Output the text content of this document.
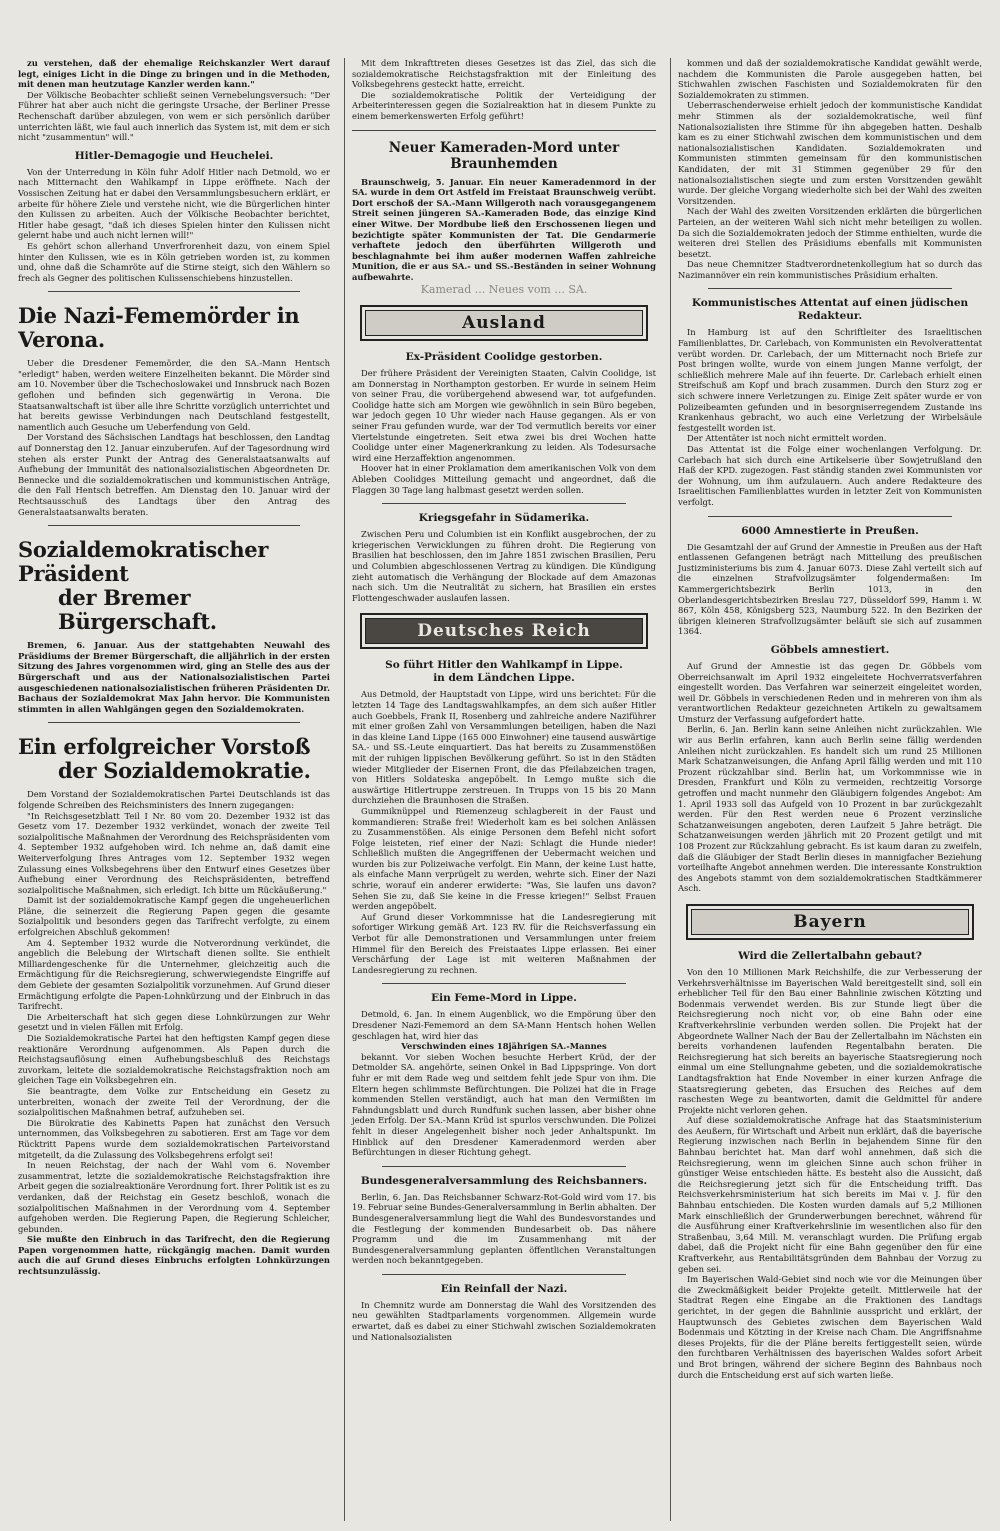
zu verstehen, daß der ehemalige Reichskanzler Wert darauf legt, einiges Licht in die Dinge zu bringen und in die Methoden, mit denen man heutzutage Kanzler werden kann."

Der Völkische Beobachter schließt seinen Vernebelungsversuch: "Der Führer hat aber auch nicht die geringste Ursache, der Berliner Presse Rechenschaft darüber abzulegen, von wem er sich persönlich darüber unterrichten läßt, wie faul auch innerlich das System ist, mit dem er sich nicht "zusammentun" will."

Hitler-Demagogie und Heuchelei.

Von der Unterredung in Köln fuhr Adolf Hitler nach Detmold, wo er nach Mitternacht den Wahlkampf in Lippe eröffnete. Nach der Vossischen Zeitung hat er dabei den Versammlungsbesuchern erklärt, er arbeite für höhere Ziele und verstehe nicht, wie die Bürgerlichen hinter den Kulissen zu arbeiten. Auch der Völkische Beobachter berichtet, Hitler habe gesagt, "daß ich dieses Spielen hinter den Kulissen nicht gelernt habe und auch nicht lernen will!"

Es gehört schon allerhand Unverfrorenheit dazu, von einem Spiel hinter den Kulissen, wie es in Köln getrieben worden ist, zu kommen und, ohne daß die Schamröte auf die Stirne steigt, sich den Wählern so frech als Gegner des politischen Kulissenschiebens hinzustellen.

Die Nazi-Fememörder in Verona.

Ueber die Dresdener Fememörder, die den SA.-Mann Hentsch "erledigt" haben, werden weitere Einzelheiten bekannt. Die Mörder sind am 10. November über die Tschechoslowakei und Innsbruck nach Bozen geflohen und befinden sich gegenwärtig in Verona. Die Staatsanwaltschaft ist über alle ihre Schritte vorzüglich unterrichtet und hat bereits gewisse Verbindungen nach Deutschland festgestellt, namentlich auch Gesuche um Ueberfendung von Geld.

Der Vorstand des Sächsischen Landtags hat beschlossen, den Landtag auf Donnerstag den 12. Januar einzuberufen. Auf der Tagesordnung wird stehen als erster Punkt der Antrag des Generalstaatsanwalts auf Aufhebung der Immunität des nationalsozialistischen Abgeordneten Dr. Bennecke und die sozialdemokratischen und kommunistischen Anträge, die den Fall Hentsch betreffen. Am Dienstag den 10. Januar wird der Rechtsausschuß des Landtags über den Antrag des Generalstaatsanwalts beraten.

Sozialdemokratischer Präsident
der Bremer Bürgerschaft.

Bremen, 6. Januar. Aus der stattgehabten Neuwahl des Präsidiums der Bremer Bürgerschaft, die alljährlich in der ersten Sitzung des Jahres vorgenommen wird, ging an Stelle des aus der Bürgerschaft und aus der Nationalsozialistischen Partei ausgeschiedenen nationalsozialistischen früheren Präsidenten Dr. Bachaus der Sozialdemokrat Max Jahn hervor. Die Kommunisten stimmten in allen Wahlgängen gegen den Sozialdemokraten.

Ein erfolgreicher Vorstoß
der Sozialdemokratie.

Dem Vorstand der Sozialdemokratischen Partei Deutschlands ist das folgende Schreiben des Reichsministers des Innern zugegangen:

"In Reichsgesetzblatt Teil I Nr. 80 vom 20. Dezember 1932 ist das Gesetz vom 17. Dezember 1932 verkündet, wonach der zweite Teil sozialpolitische Maßnahmen der Verordnung des Reichspräsidenten vom 4. September 1932 aufgehoben wird. Ich nehme an, daß damit eine Weiterverfolgung Ihres Antrages vom 12. September 1932 wegen Zulassung eines Volksbegehrens über den Entwurf eines Gesetzes über Aufhebung einer Verordnung des Reichspräsidenten, betreffend sozialpolitische Maßnahmen, sich erledigt. Ich bitte um Rückäußerung."

Damit ist der sozialdemokratische Kampf gegen die ungeheuerlichen Pläne, die seinerzeit die Regierung Papen gegen die gesamte Sozialpolitik und besonders gegen das Tarifrecht verfolgte, zu einem erfolgreichen Abschluß gekommen!

Am 4. September 1932 wurde die Notverordnung verkündet, die angeblich die Belebung der Wirtschaft dienen sollte. Sie enthielt Milliardengeschenke für die Unternehmer, gleichzeitig auch die Ermächtigung für die Reichsregierung, schwerwiegendste Eingriffe auf dem Gebiete der gesamten Sozialpolitik vorzunehmen. Auf Grund dieser Ermächtigung erfolgte die Papen-Lohnkürzung und der Einbruch in das Tarifrecht.

Die Arbeiterschaft hat sich gegen diese Lohnkürzungen zur Wehr gesetzt und in vielen Fällen mit Erfolg.

Die Sozialdemokratische Partei hat den heftigsten Kampf gegen diese reaktionäre Verordnung aufgenommen. Als Papen durch die Reichstagsauflösung einen Aufhebungsbeschluß des Reichstags zuvorkam, leitete die sozialdemokratische Reichstagsfraktion noch am gleichen Tage ein Volksbegehren ein.

Sie beantragte, dem Volke zur Entscheidung ein Gesetz zu unterbreiten, wonach der zweite Teil der Verordnung, der die sozialpolitischen Maßnahmen betraf, aufzuheben sei.

Die Bürokratie des Kabinetts Papen hat zunächst den Versuch unternommen, das Volksbegehren zu sabotieren. Erst am Tage vor dem Rücktritt Papens wurde dem sozialdemokratischen Parteivorstand mitgeteilt, da die Zulassung des Volksbegehrens erfolgt sei!

In neuen Reichstag, der nach der Wahl vom 6. November zusammentrat, letzte die sozialdemokratische Reichstagsfraktion ihre Arbeit gegen die sozialreaktionäre Verordnung fort. Ihrer Politik ist es zu verdanken, daß der Reichstag ein Gesetz beschloß, wonach die sozialpolitischen Maßnahmen in der Verordnung vom 4. September aufgehoben werden. Die Regierung Papen, die Regierung Schleicher, gebunden.

Sie mußte den Einbruch in das Tarifrecht, den die Regierung Papen vorgenommen hatte, rückgängig machen. Damit wurden auch die auf Grund dieses Einbruchs erfolgten Lohnkürzungen rechtsunzulässig.

Mit dem Inkrafttreten dieses Gesetzes ist das Ziel, das sich die sozialdemokratische Reichstagsfraktion mit der Einleitung des Volksbegehrens gesteckt hatte, erreicht.

Die sozialdemokratische Politik der Verteidigung der Arbeiterinteressen gegen die Sozialreaktion hat in diesem Punkte zu einem bemerkenswerten Erfolg geführt!

Neuer Kameraden-Mord unter Braunhemden

Braunschweig, 5. Januar. Ein neuer Kameradenmord in der SA. wurde in dem Ort Astfeld im Freistaat Braunschweig verübt. Dort erschoß der SA.-Mann Willgeroth nach vorausgegangenem Streit seinen jüngeren SA.-Kameraden Bode, das einzige Kind einer Witwe. Der Mordbube ließ den Erschossenen liegen und bezichtigte später Kommunisten der Tat. Die Gendarmerie verhaftete jedoch den überführten Willgeroth und beschlagnahmte bei ihm außer modernen Waffen zahlreiche Munition, die er aus SA.- und SS.-Beständen in seiner Wohnung aufbewahrte.

Kamerad ... Neues vom ... SA.
Ausland
Ex-Präsident Coolidge gestorben.

Der frühere Präsident der Vereinigten Staaten, Calvin Coolidge, ist am Donnerstag in Northampton gestorben. Er wurde in seinem Heim von seiner Frau, die vorübergehend abwesend war, tot aufgefunden. Coolidge hatte sich am Morgen wie gewöhnlich in sein Büro begeben, war jedoch gegen 10 Uhr wieder nach Hause gegangen. Als er von seiner Frau gefunden wurde, war der Tod vermutlich bereits vor einer Viertelstunde eingetreten. Seit etwa zwei bis drei Wochen hatte Coolidge unter einer Magenerkrankung zu leiden. Als Todesursache wird eine Herzaffektion angenommen.

Hoover hat in einer Proklamation dem amerikanischen Volk von dem Ableben Coolidges Mitteilung gemacht und angeordnet, daß die Flaggen 30 Tage lang halbmast gesetzt werden sollen.

Kriegsgefahr in Südamerika.

Zwischen Peru und Columbien ist ein Konflikt ausgebrochen, der zu kriegerischen Verwicklungen zu führen droht. Die Regierung von Brasilien hat beschlossen, den im Jahre 1851 zwischen Brasilien, Peru und Columbien abgeschlossenen Vertrag zu kündigen. Die Kündigung zieht automatisch die Verhängung der Blockade auf dem Amazonas nach sich. Um die Neutralität zu sichern, hat Brasilien ein erstes Flottengeschwader auslaufen lassen.

Deutsches Reich
So führt Hitler den Wahlkampf in Lippe.
in dem Ländchen Lippe.

Aus Detmold, der Hauptstadt von Lippe, wird uns berichtet: Für die letzten 14 Tage des Landtagswahlkampfes, an dem sich außer Hitler auch Goebbels, Frank II, Rosenberg und zahlreiche andere Naziführer mit einer großen Zahl von Versammlungen beteiligen, haben die Nazi in das kleine Land Lippe (165 000 Einwohner) eine tausend auswärtige SA.- und SS.-Leute einquartiert. Das hat bereits zu Zusammenstößen mit der ruhigen lippischen Bevölkerung geführt. So ist in den Städten wieder Mitglieder der Eisernen Front, die das Pfeilabzeichen tragen, von Hitlers Soldateska angepöbelt. In Lemgo mußte sich die auswärtige Hitlertruppe zerstreuen. In Trupps von 15 bis 20 Mann durchziehen die Braunhosen die Straßen.

Gummiknüppel und Riemenzeug schlagbereit in der Faust und kommandieren: Straße frei! Wiederholt kam es bei solchen Anlässen zu Zusammenstößen. Als einige Personen dem Befehl nicht sofort Folge leisteten, rief einer der Nazi: Schlagt die Hunde nieder! Schließlich mußten die Angegriffenen der Uebermacht weichen und wurden bis zur Polizeiwache verfolgt. Ein Mann, der keine Lust hatte, als einfache Mann verprügelt zu werden, wehrte sich. Einer der Nazi schrie, worauf ein anderer erwiderte: "Was, Sie laufen uns davon? Sehen Sie zu, daß Sie keine in die Fresse kriegen!" Selbst Frauen werden angepöbelt.

Auf Grund dieser Vorkommnisse hat die Landesregierung mit sofortiger Wirkung gemäß Art. 123 RV. für die Reichsverfassung ein Verbot für alle Demonstrationen und Versammlungen unter freiem Himmel für den Bereich des Freistaates Lippe erlassen. Bei einer Verschärfung der Lage ist mit weiteren Maßnahmen der Landesregierung zu rechnen.

Ein Feme-Mord in Lippe.

Detmold, 6. Jan. In einem Augenblick, wo die Empörung über den Dresdener Nazi-Fememord an dem SA-Mann Hentsch hohen Wellen geschlagen hat, wird hier das

Verschwinden eines 18jährigen SA.-Mannes

bekannt. Vor sieben Wochen besuchte Herbert Krüd, der der Detmolder SA. angehörte, seinen Onkel in Bad Lippspringe. Von dort fuhr er mit dem Rade weg und seitdem fehlt jede Spur von ihm. Die Eltern hegen schlimmste Befürchtungen. Die Polizei hat die in Frage kommenden Stellen verständigt, auch hat man den Vermißten im Fahndungsblatt und durch Rundfunk suchen lassen, aber bisher ohne jeden Erfolg. Der SA.-Mann Krüd ist spurlos verschwunden. Die Polizei fehlt in dieser Angelegenheit bisher noch jeder Anhaltspunkt. Im Hinblick auf den Dresdener Kameradenmord werden aber Befürchtungen in dieser Richtung gehegt.

Bundesgeneralversammlung des Reichsbanners.

Berlin, 6. Jan. Das Reichsbanner Schwarz-Rot-Gold wird vom 17. bis 19. Februar seine Bundes-Generalversammlung in Berlin abhalten. Der Bundesgeneralversammlung liegt die Wahl des Bundesvorstandes und die Festlegung der kommenden Bundesarbeit ob. Das nähere Programm und die im Zusammenhang mit der Bundesgeneralversammlung geplanten öffentlichen Veranstaltungen werden noch bekanntgegeben.

Ein Reinfall der Nazi.

In Chemnitz wurde am Donnerstag die Wahl des Vorsitzenden des neu gewählten Stadtparlaments vorgenommen. Allgemein wurde erwartet, daß es dabei zu einer Stichwahl zwischen Sozialdemokraten und Nationalsozialisten

kommen und daß der sozialdemokratische Kandidat gewählt werde, nachdem die Kommunisten die Parole ausgegeben hatten, bei Stichwahlen zwischen Faschisten und Sozialdemokraten für den Sozialdemokraten zu stimmen.

Ueberraschenderweise erhielt jedoch der kommunistische Kandidat mehr Stimmen als der sozialdemokratische, weil fünf Nationalsozialisten ihre Stimme für ihn abgegeben hatten. Deshalb kam es zu einer Stichwahl zwischen dem kommunistischen und dem nationalsozialistischen Kandidaten. Sozialdemokraten und Kommunisten stimmten gemeinsam für den kommunistischen Kandidaten, der mit 31 Stimmen gegenüber 29 für den nationalsozialistischen siegte und zum ersten Vorsitzenden gewählt wurde. Der gleiche Vorgang wiederholte sich bei der Wahl des zweiten Vorsitzenden.

Nach der Wahl des zweiten Vorsitzenden erklärten die bürgerlichen Parteien, an der weiteren Wahl sich nicht mehr beteiligen zu wollen. Da sich die Sozialdemokraten jedoch der Stimme enthielten, wurde die weiteren drei Stellen des Präsidiums ebenfalls mit Kommunisten besetzt.

Das neue Chemnitzer Stadtverordnetenkollegium hat so durch das Nazimannöver ein rein kommunistisches Präsidium erhalten.

Kommunistisches Attentat auf einen jüdischen Redakteur.

In Hamburg ist auf den Schriftleiter des Israelitischen Familienblattes, Dr. Carlebach, von Kommunisten ein Revolverattentat verübt worden. Dr. Carlebach, der um Mitternacht noch Briefe zur Post bringen wollte, wurde von einem jungen Manne verfolgt, der schließlich mehrere Male auf ihn feuerte. Dr. Carlebach erhielt einen Streifschuß am Kopf und brach zusammen. Durch den Sturz zog er sich schwere innere Verletzungen zu. Einige Zeit später wurde er von Polizeibeamten gefunden und in besorgniserregendem Zustande ins Krankenhaus gebracht, wo auch eine Verletzung der Wirbelsäule festgestellt worden ist.

Der Attentäter ist noch nicht ermittelt worden.

Das Attentat ist die Folge einer wochenlangen Verfolgung. Dr. Carlebach hat sich durch eine Artikelserie über Sowjetrußland den Haß der KPD. zugezogen. Fast ständig standen zwei Kommunisten vor der Wohnung, um ihm aufzulauern. Auch andere Redakteure des Israelitischen Familienblattes wurden in letzter Zeit von Kommunisten verfolgt.

6000 Amnestierte in Preußen.

Die Gesamtzahl der auf Grund der Amnestie in Preußen aus der Haft entlassenen Gefangenen beträgt nach Mitteilung des preußischen Justizministeriums bis zum 4. Januar 6073. Diese Zahl verteilt sich auf die einzelnen Strafvollzugsämter folgendermaßen: Im Kammergerichtsbezirk Berlin 1013, in den Oberlandesgerichtsbezirken Breslau 727, Düsseldorf 599, Hamm i. W. 867, Köln 458, Königsberg 523, Naumburg 522. In den Bezirken der übrigen kleineren Strafvollzugsämter beläuft sie sich auf zusammen 1364.

Göbbels amnestiert.

Auf Grund der Amnestie ist das gegen Dr. Göbbels vom Oberreichsanwalt im April 1932 eingeleitete Hochverratsverfahren eingestellt worden. Das Verfahren war seinerzeit eingeleitet worden, weil Dr. Göbbels in verschiedenen Reden und in mehreren von ihm als verantwortlichen Redakteur gezeichneten Artikeln zu gewaltsamem Umsturz der Verfassung aufgefordert hatte.

Berlin, 6. Jan. Berlin kann seine Anleihen nicht zurückzahlen. Wie wir aus Berlin erfahren, kann auch Berlin seine fällig werdenden Anleihen nicht zurückzahlen. Es handelt sich um rund 25 Millionen Mark Schatzanweisungen, die Anfang April fällig werden und mit 110 Prozent rückzahlbar sind. Berlin hat, um Vorkommnisse wie in Dresden, Frankfurt und Köln zu vermeiden, rechtzeitig Vorsorge getroffen und macht nunmehr den Gläubigern folgendes Angebot: Am 1. April 1933 soll das Aufgeld von 10 Prozent in bar zurückgezahlt werden. Für den Rest werden neue 6 Prozent verzinsliche Schatzanweisungen angeboten, deren Laufzeit 5 Jahre beträgt. Die Schatzanweisungen werden jährlich mit 20 Prozent getilgt und mit 108 Prozent zur Rückzahlung gebracht. Es ist kaum daran zu zweifeln, daß die Gläubiger der Stadt Berlin dieses in mannigfacher Beziehung vorteilhafte Angebot annehmen werden. Die interessante Konstruktion des Angebots stammt von dem sozialdemokratischen Stadtkämmerer Asch.

Bayern
Wird die Zellertalbahn gebaut?

Von den 10 Millionen Mark Reichshilfe, die zur Verbesserung der Verkehrsverhältnisse im Bayerischen Wald bereitgestellt sind, soll ein erheblicher Teil für den Bau einer Bahnlinie zwischen Kötzting und Bodenmais verwendet werden. Bis zur Stunde liegt über die Reichsregierung noch nicht vor, ob eine Bahn oder eine Kraftverkehrslinie verbunden werden sollen. Die Projekt hat der Abgeordnete Wallner Nach der Bau der Zellertalbahn im Nächsten ein bereits vorhandenen laufenden Regentalbahn beraten. Die Reichsregierung hat sich bereits an bayerische Staatsregierung noch einmal um eine Stellungnahme gebeten, und die sozialdemokratische Landtagsfraktion hat Ende November in einer kurzen Anfrage die Staatsregierung gebeten, das Ersuchen des Reiches auf dem raschesten Wege zu beantworten, damit die Geldmittel für andere Projekte nicht verloren gehen.

Auf diese sozialdemokratische Anfrage hat das Staatsministerium des Aeußern, für Wirtschaft und Arbeit nun erklärt, daß die bayerische Regierung inzwischen nach Berlin in bejahendem Sinne für den Bahnbau berichtet hat. Man darf wohl annehmen, daß sich die Reichsregierung, wenn im gleichen Sinne auch schon früher in günstiger Weise entschieden hätte. Es besteht also die Aussicht, daß die Reichsregierung jetzt sich für die Entscheidung trifft. Das Reichsverkehrsministerium hat sich bereits im Mai v. J. für den Bahnbau entschieden. Die Kosten wurden damals auf 5,2 Millionen Mark einschließlich der Grunderwerbungen berechnet, während für die Ausführung einer Kraftverkehrslinie im wesentlichen also für den Straßenbau, 3,64 Mill. M. veranschlagt wurden. Die Prüfung ergab dabei, daß die Projekt nicht für eine Bahn gegenüber den für eine Kraftverkehr, aus Rentabilitätsgründen dem Bahnbau der Vorzug zu geben sei.

Im Bayerischen Wald-Gebiet sind noch wie vor die Meinungen über die Zweckmäßigkeit beider Projekte geteilt. Mittlerweile hat der Stadtrat Regen eine Eingabe an die Fraktionen des Landtags gerichtet, in der gegen die Bahnlinie ausspricht und erklärt, der Hauptwunsch des Gebietes zwischen dem Bayerischen Wald Bodenmais und Kötzting in der Kreise nach Cham. Die Angriffsnahme dieses Projekts, für die der Pläne bereits fertiggestellt seien, würde den furchtbaren Verhältnissen des bayerischen Waldes sofort Arbeit und Brot bringen, während der sichere Beginn des Bahnbaus noch durch die Entscheidung erst auf sich warten ließe.
